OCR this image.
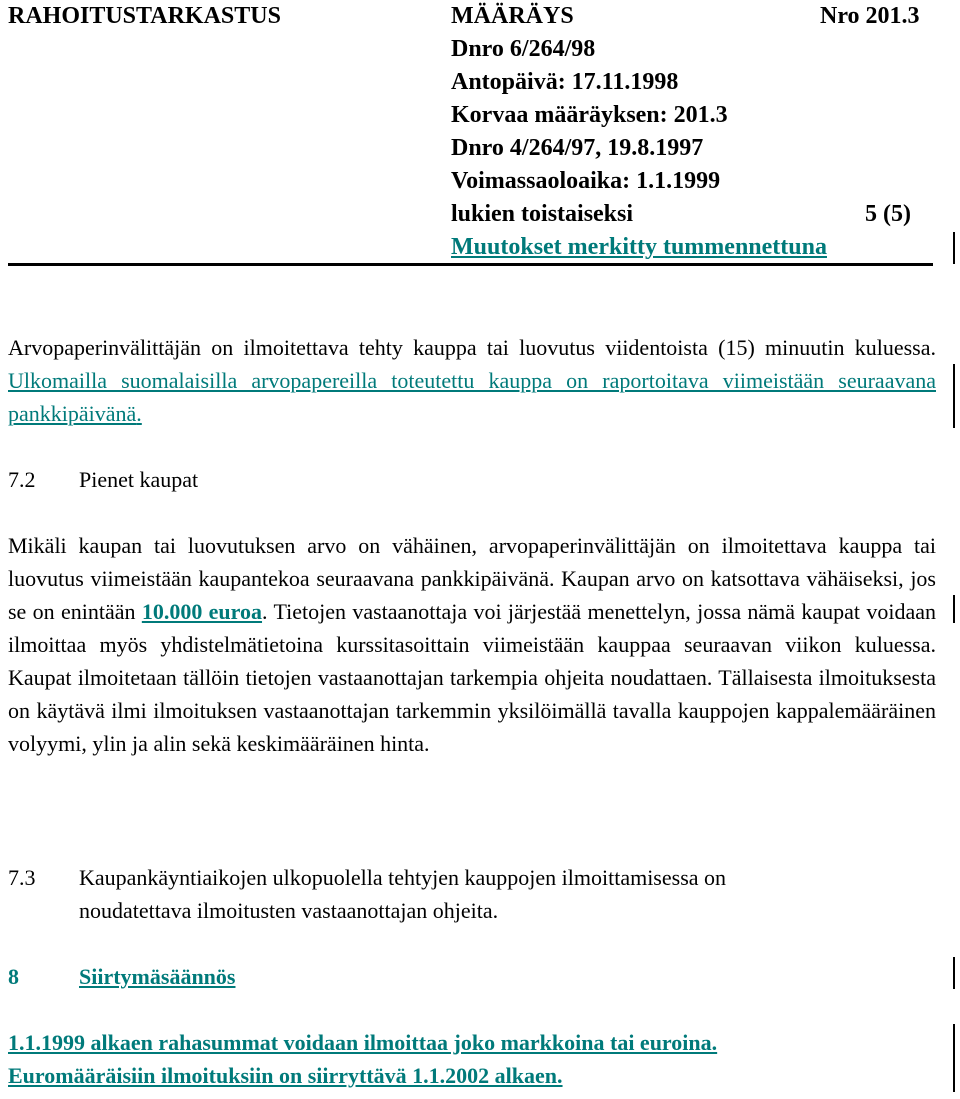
RAHOITUSTARKASTUS	MÄÄRÄYS	Nro 201.3
Dnro 6/264/98
Antopäivä: 17.11.1998
Korvaa määräyksen: 201.3
Dnro 4/264/97, 19.8.1997
Voimassaoloaika: 1.1.1999
lukien toistaiseksi	5 (5)
Muutokset merkitty tummennettuna
Arvopaperinvälittäjän on ilmoitettava tehty kauppa tai luovutus viidentoista (15) minuutin kuluessa. Ulkomailla suomalaisilla arvopapereilla toteutettu kauppa on raportoitava viimeistään seuraavana pankkipäivänä.
7.2 Pienet kaupat
Mikäli kaupan tai luovutuksen arvo on vähäinen, arvopaperinvälittäjän on ilmoitettava kauppa tai luovutus viimeistään kaupantekoa seuraavana pankkipäivänä. Kaupan arvo on katsottava vähäiseksi, jos se on enintään 10.000 euroa. Tietojen vastaanottaja voi järjestää menettelyn, jossa nämä kaupat voidaan ilmoittaa myös yhdistelmätietoina kurssitasoittain viimeistään kauppaa seuraavan viikon kuluessa. Kaupat ilmoitetaan tällöin tietojen vastaanottajan tarkempia ohjeita noudattaen. Tällaisesta ilmoituksesta on käytävä ilmi ilmoituksen vastaanottajan tarkemmin yksilöimällä tavalla kauppojen kappalemääräinen volyymi, ylin ja alin sekä keskimääräinen hinta.
7.3 Kaupankäyntiaikojen ulkopuolella tehtyjen kauppojen ilmoittamisessa on
noudatettava ilmoitusten vastaanottajan ohjeita.
8	Siirtymäsäännös
1.1.1999 alkaen rahasummat voidaan ilmoittaa joko markkoina tai euroina.
Euromääräisiin ilmoituksiin on siirryttävä 1.1.2002 alkaen.
